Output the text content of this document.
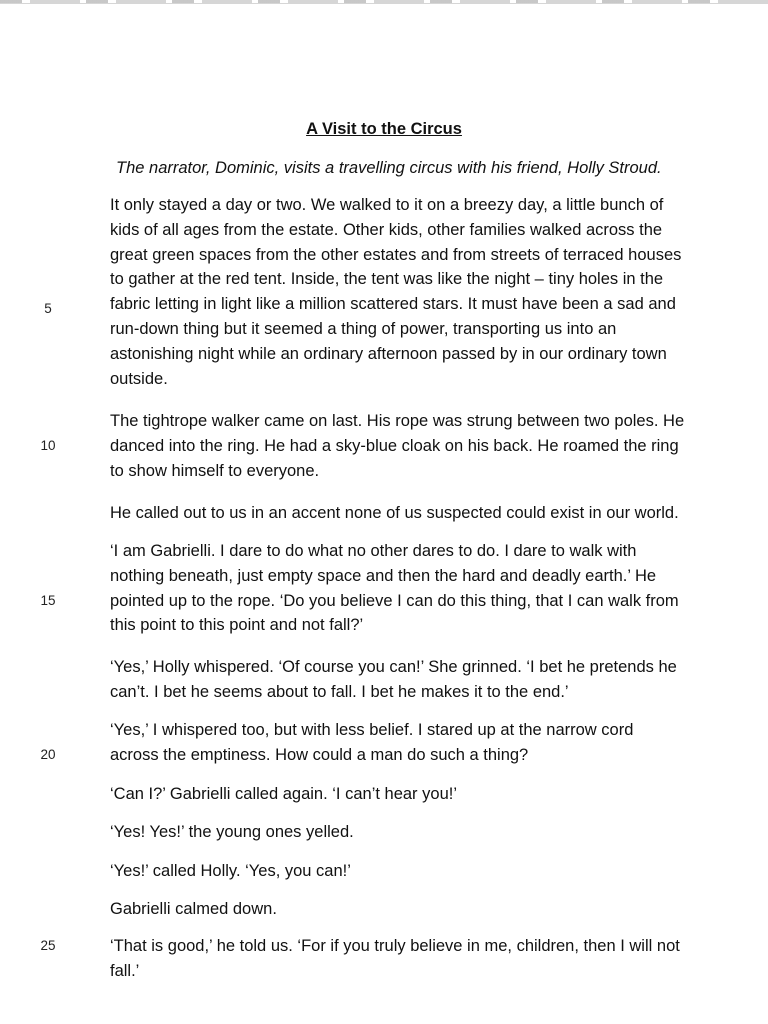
A Visit to the Circus
The narrator, Dominic, visits a travelling circus with his friend, Holly Stroud.
It only stayed a day or two. We walked to it on a breezy day, a little bunch of
kids of all ages from the estate. Other kids, other families walked across the
great green spaces from the other estates and from streets of terraced houses
to gather at the red tent. Inside, the tent was like the night – tiny holes in the
fabric letting in light like a million scattered stars. It must have been a sad and
run-down thing but it seemed a thing of power, transporting us into an
astonishing night while an ordinary afternoon passed by in our ordinary town
outside.
The tightrope walker came on last. His rope was strung between two poles. He
danced into the ring. He had a sky-blue cloak on his back. He roamed the ring
to show himself to everyone.
He called out to us in an accent none of us suspected could exist in our world.
‘I am Gabrielli. I dare to do what no other dares to do. I dare to walk with
nothing beneath, just empty space and then the hard and deadly earth.’ He
pointed up to the rope. ‘Do you believe I can do this thing, that I can walk from
this point to this point and not fall?’
‘Yes,’ Holly whispered. ‘Of course you can!’ She grinned. ‘I bet he pretends he
can’t. I bet he seems about to fall. I bet he makes it to the end.’
‘Yes,’ I whispered too, but with less belief. I stared up at the narrow cord
across the emptiness. How could a man do such a thing?
‘Can I?’ Gabrielli called again. ‘I can’t hear you!’
‘Yes! Yes!’ the young ones yelled.
‘Yes!’ called Holly. ‘Yes, you can!’
Gabrielli calmed down.
‘That is good,’ he told us. ‘For if you truly believe in me, children, then I will not
fall.’
5
10
15
20
25
